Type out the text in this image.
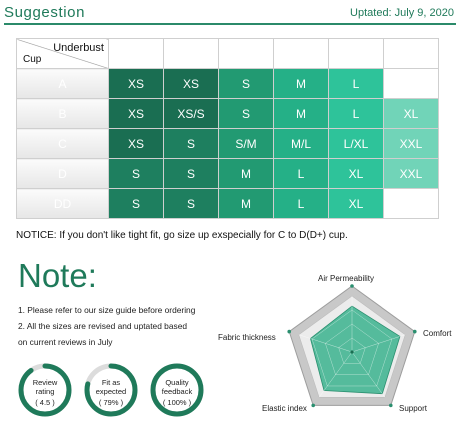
Suggestion	Uptated: July 9, 2020
Underbust
Cup	30	32	34	36	38	40
A	XS	XS	S	M	L	
B	XS	XS/S	S	M	L	XL
C	XS	S	S/M	M/L	L/XL	XXL
D	S	S	M	L	XL	XXL
DD	S	S	M	L	XL	
NOTICE: If you don't like tight fit, go size up exspecially for C to D(D+) cup.
Note:
1. Please refer to our size guide before ordering
2. All the sizes are revised and uptated based
on current reviews in July
Review
rating
( 4.5 )
Fit as
expected
( 79% )
Quality
feedback
( 100% )
Air Permeability
Comfort
Support
Elastic index
Fabric thickness
